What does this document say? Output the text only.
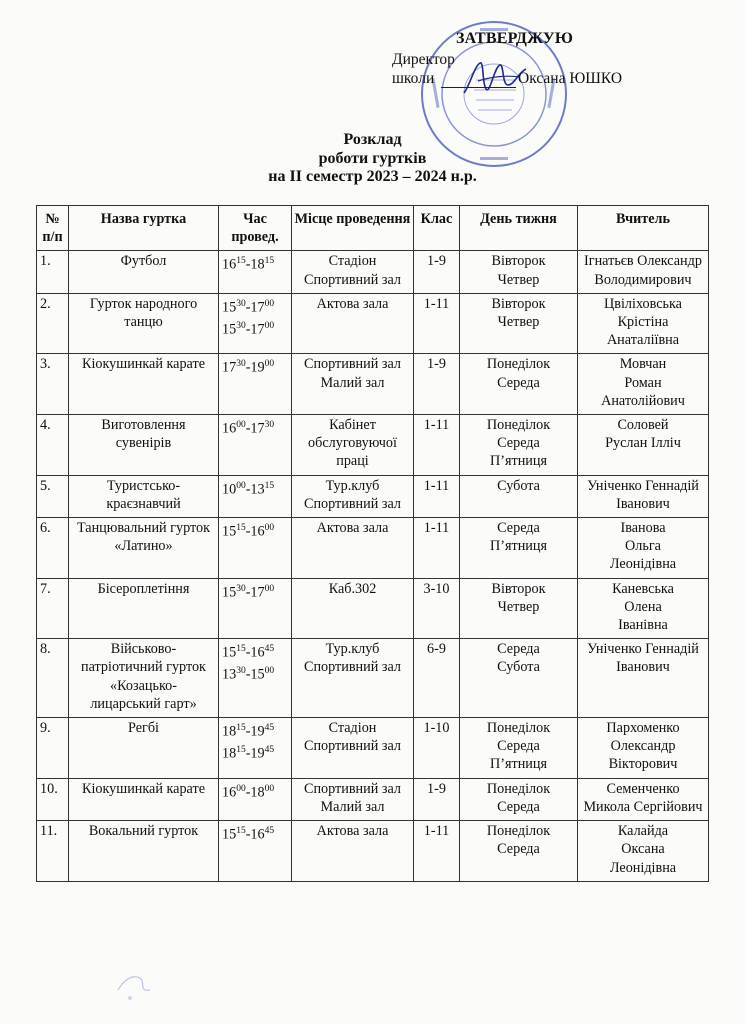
ЗАТВЕРДЖУЮ
Директор
школи	Оксана ЮШКО
Розклад
роботи гуртків
на ІІ семестр 2023 – 2024 н.р.
№ п/п	Назва гуртка	Час провед.	Місце проведення	Клас	День тижня	Вчитель
1.	Футбол	$16^{15}-18^{15}$	Стадіон
Спортивний зал	1-9	Вівторок
Четвер	Ігнатьєв Олександр
Володимирович

2.	Гурток народного
танцю	$15^{30}-17^{00}$
$15^{30}-17^{00}$	Актова зала	1-11	Вівторок
Четвер	Цвіліховська
Крістіна
Анаталіївна

3.	Кіокушинкай карате	$17^{30}-19^{00}$	Спортивний зал
Малий зал	1-9	Понеділок
Середа	Мовчан
Роман
Анатолійович

4.	Виготовлення
сувенірів	$16^{00}-17^{30}$	Кабінет
обслуговуючої
праці	1-11	Понеділок
Середа
П’ятниця	Соловей
Руслан Ілліч

5.	Туристсько-
краєзнавчий	$10^{00}-13^{15}$	Тур.клуб
Спортивний зал	1-11	Субота	Уніченко Геннадій
Іванович

6.	Танцювальний гурток
«Латино»	$15^{15}-16^{00}$	Актова зала	1-11	Середа
П’ятниця	Іванова
Ольга
Леонідівна

7.	Бісероплетіння	$15^{30}-17^{00}$	Каб.302	3-10	Вівторок
Четвер	Каневська
Олена
Іванівна

8.	Військово-
патріотичний гурток
«Козацько-
лицарський гарт»	$15^{15}-16^{45}$
$13^{30}-15^{00}$	Тур.клуб
Спортивний зал	6-9	Середа
Субота	Уніченко Геннадій
Іванович

9.	Регбі	$18^{15}-19^{45}$
$18^{15}-19^{45}$	Стадіон
Спортивний зал	1-10	Понеділок
Середа
П’ятниця	Пархоменко
Олександр
Вікторович

10.	Кіокушинкай карате	$16^{00}-18^{00}$	Спортивний зал
Малий зал	1-9	Понеділок
Середа	Семенченко
Микола Сергійович

11.	Вокальний гурток	$15^{15}-16^{45}$	Актова зала	1-11	Понеділок
Середа	Калайда
Оксана
Леонідівна
